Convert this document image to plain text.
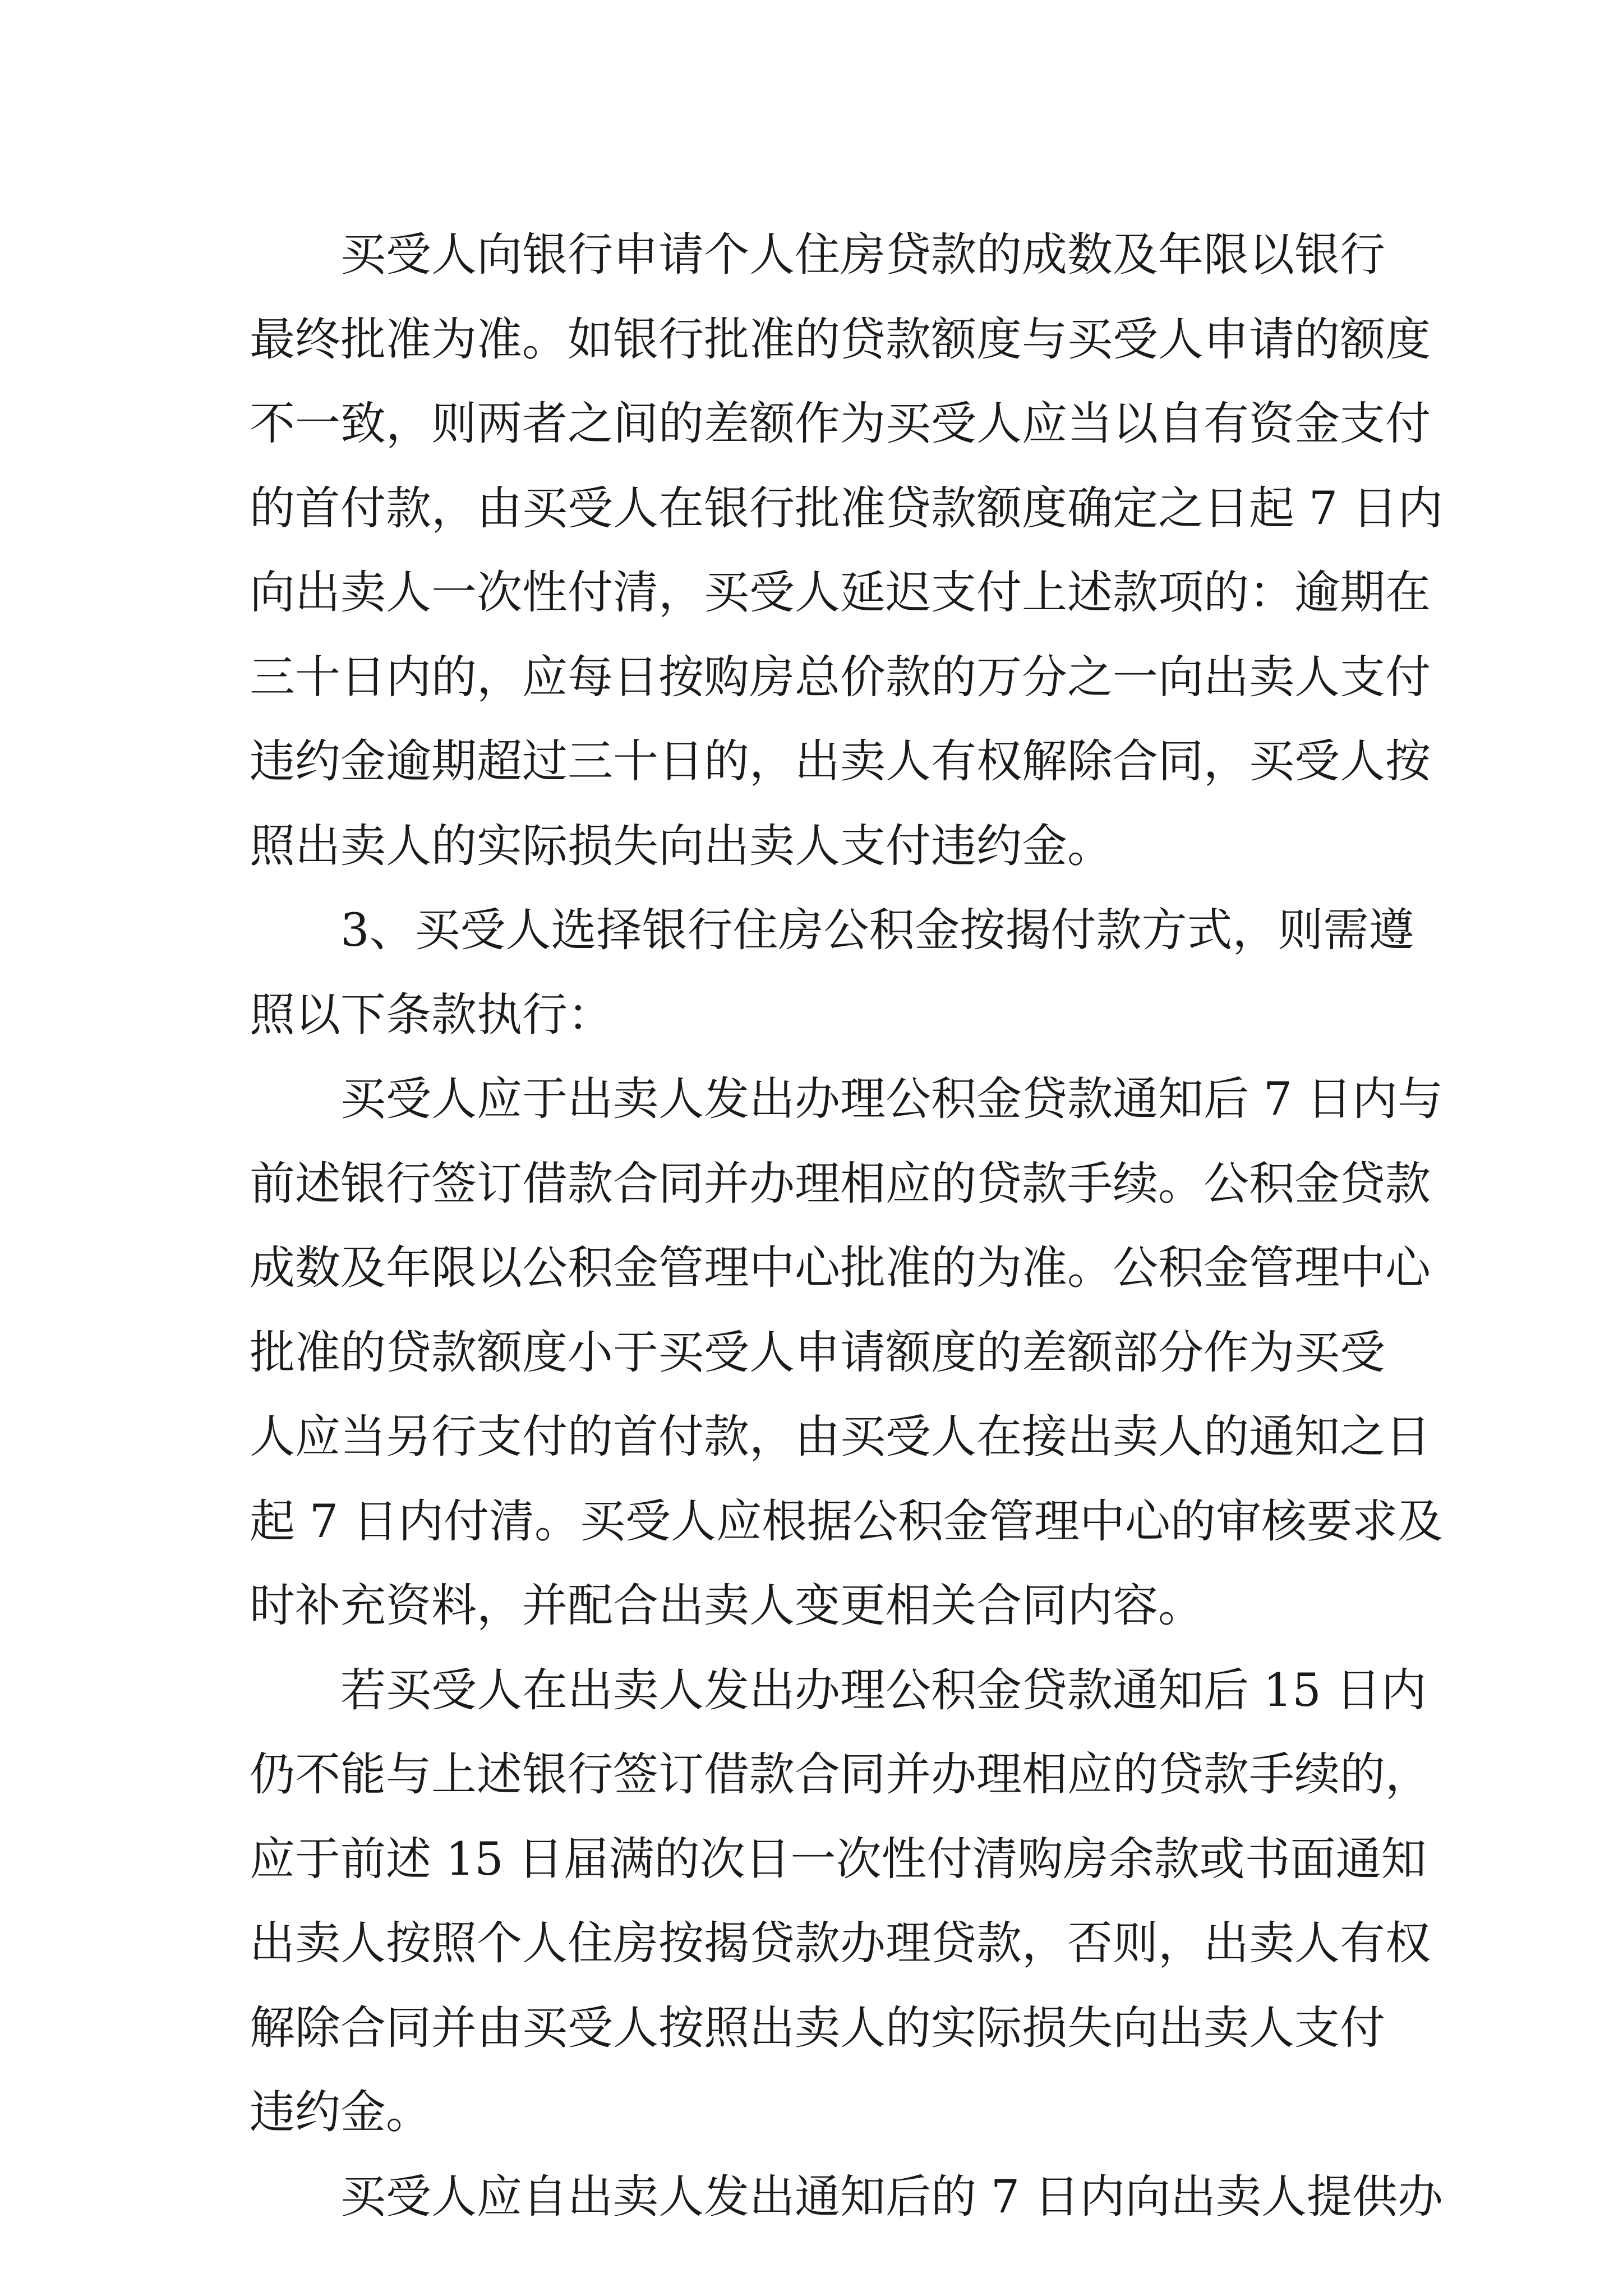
买受人向银行申请个人住房贷款的成数及年限以银行
最终批准为准。如银行批准的贷款额度与买受人申请的额度
不一致，则两者之间的差额作为买受人应当以自有资金支付
的首付款，由买受人在银行批准贷款额度确定之日起 7 日内
向出卖人一次性付清，买受人延迟支付上述款项的：逾期在
三十日内的，应每日按购房总价款的万分之一向出卖人支付
违约金逾期超过三十日的，出卖人有权解除合同，买受人按
照出卖人的实际损失向出卖人支付违约金。
3、买受人选择银行住房公积金按揭付款方式，则需遵
照以下条款执行：
买受人应于出卖人发出办理公积金贷款通知后 7 日内与
前述银行签订借款合同并办理相应的贷款手续。公积金贷款
成数及年限以公积金管理中心批准的为准。公积金管理中心
批准的贷款额度小于买受人申请额度的差额部分作为买受
人应当另行支付的首付款，由买受人在接出卖人的通知之日
起 7 日内付清。买受人应根据公积金管理中心的审核要求及
时补充资料，并配合出卖人变更相关合同内容。
若买受人在出卖人发出办理公积金贷款通知后 15 日内
仍不能与上述银行签订借款合同并办理相应的贷款手续的，
应于前述 15 日届满的次日一次性付清购房余款或书面通知
出卖人按照个人住房按揭贷款办理贷款，否则，出卖人有权
解除合同并由买受人按照出卖人的实际损失向出卖人支付
违约金。
买受人应自出卖人发出通知后的 7 日内向出卖人提供办
